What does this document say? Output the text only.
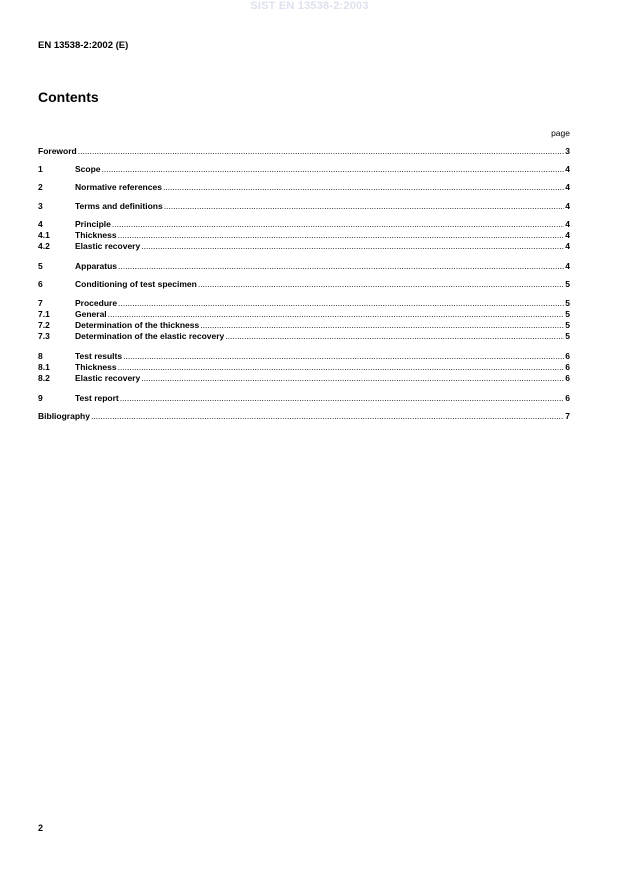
SIST EN 13538-2:2003
EN 13538-2:2002 (E)
Contents
page
Foreword .....	3
1	Scope .....	4
2	Normative references .....	4
3	Terms and definitions .....	4
4	Principle .....	4
4.1	Thickness .....	4
4.2	Elastic recovery .....	4
5	Apparatus .....	4
6	Conditioning of test specimen .....	5
7	Procedure .....	5
7.1	General .....	5
7.2	Determination of the thickness .....	5
7.3	Determination of the elastic recovery .....	5
8	Test results .....	6
8.1	Thickness .....	6
8.2	Elastic recovery .....	6
9	Test report .....	6
Bibliography .....	7
2
